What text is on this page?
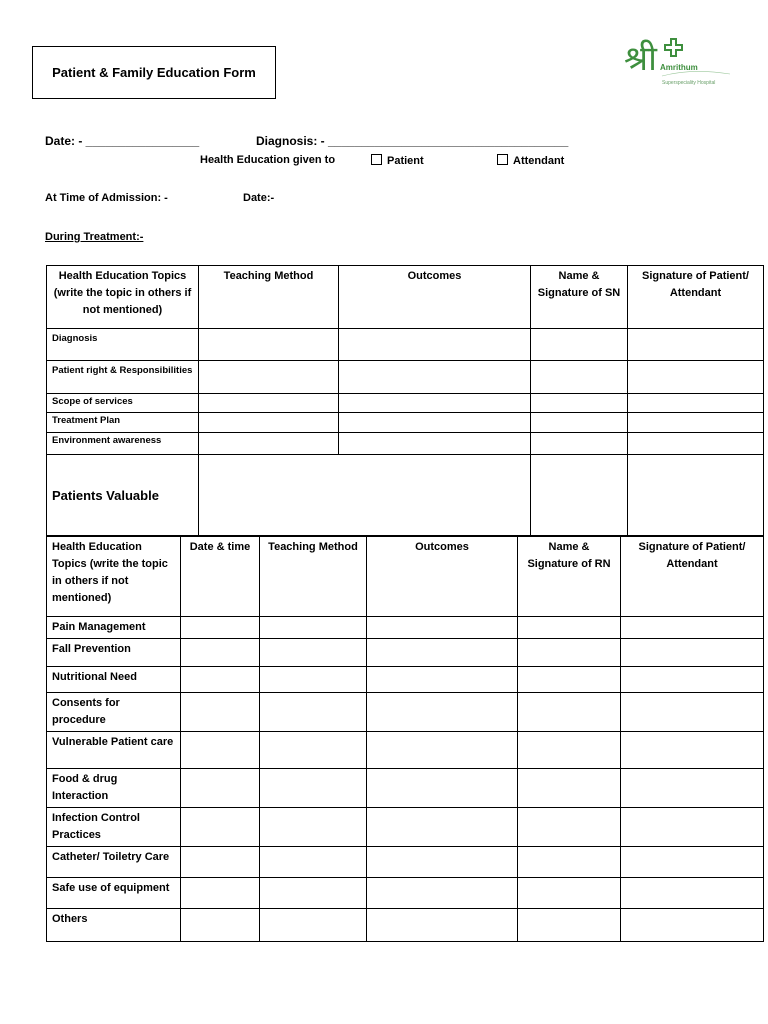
Patient & Family Education Form	श्री Amrithum
Superspeciality Hospital
Date: - _________________	Diagnosis: - ____________________________________
Health Education given to	Patient	Attendant
At Time of Admission: -	Date:-
During Treatment:-
Health Education Topics (write the topic in others if not mentioned)	Teaching Method	Outcomes	Name & Signature of SN	Signature of Patient/ Attendant
Diagnosis				
Patient right & Responsibilities				
Scope of services				
Treatment Plan				
Environment awareness				
Patients Valuable				
Health Education Topics (write the topic in others if not mentioned)	Date & time	Teaching Method	Outcomes	Name & Signature of RN	Signature of Patient/ Attendant
Pain Management					
Fall Prevention					
Nutritional Need					
Consents for procedure					
Vulnerable Patient care					
Food & drug Interaction					
Infection Control Practices					
Catheter/ Toiletry Care					
Safe use of equipment					
Others					
